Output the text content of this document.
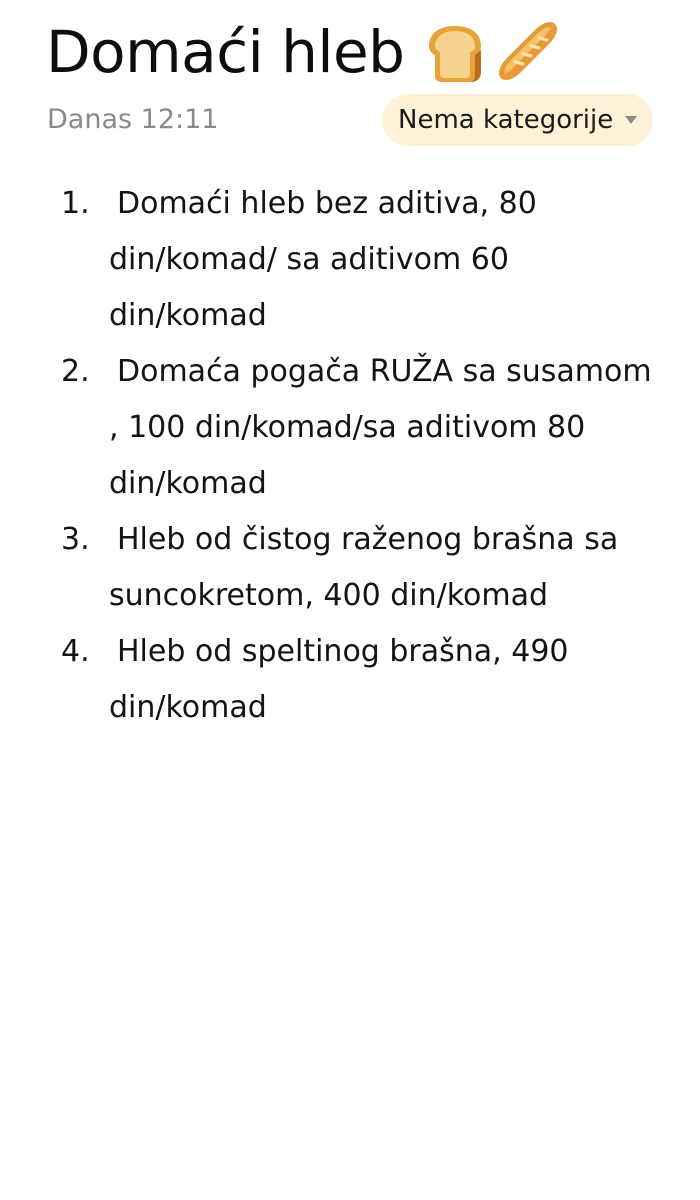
Domaći hleb
Danas 12:11	Nema kategorije
1. Domaći hleb bez aditiva, 80 din/komad/ sa aditivom 60 din/komad
2. Domaća pogača RUŽA sa susamom , 100 din/komad/sa aditivom 80 din/komad
3. Hleb od čistog raženog brašna sa suncokretom, 400 din/komad
4. Hleb od speltinog brašna, 490 din/komad
